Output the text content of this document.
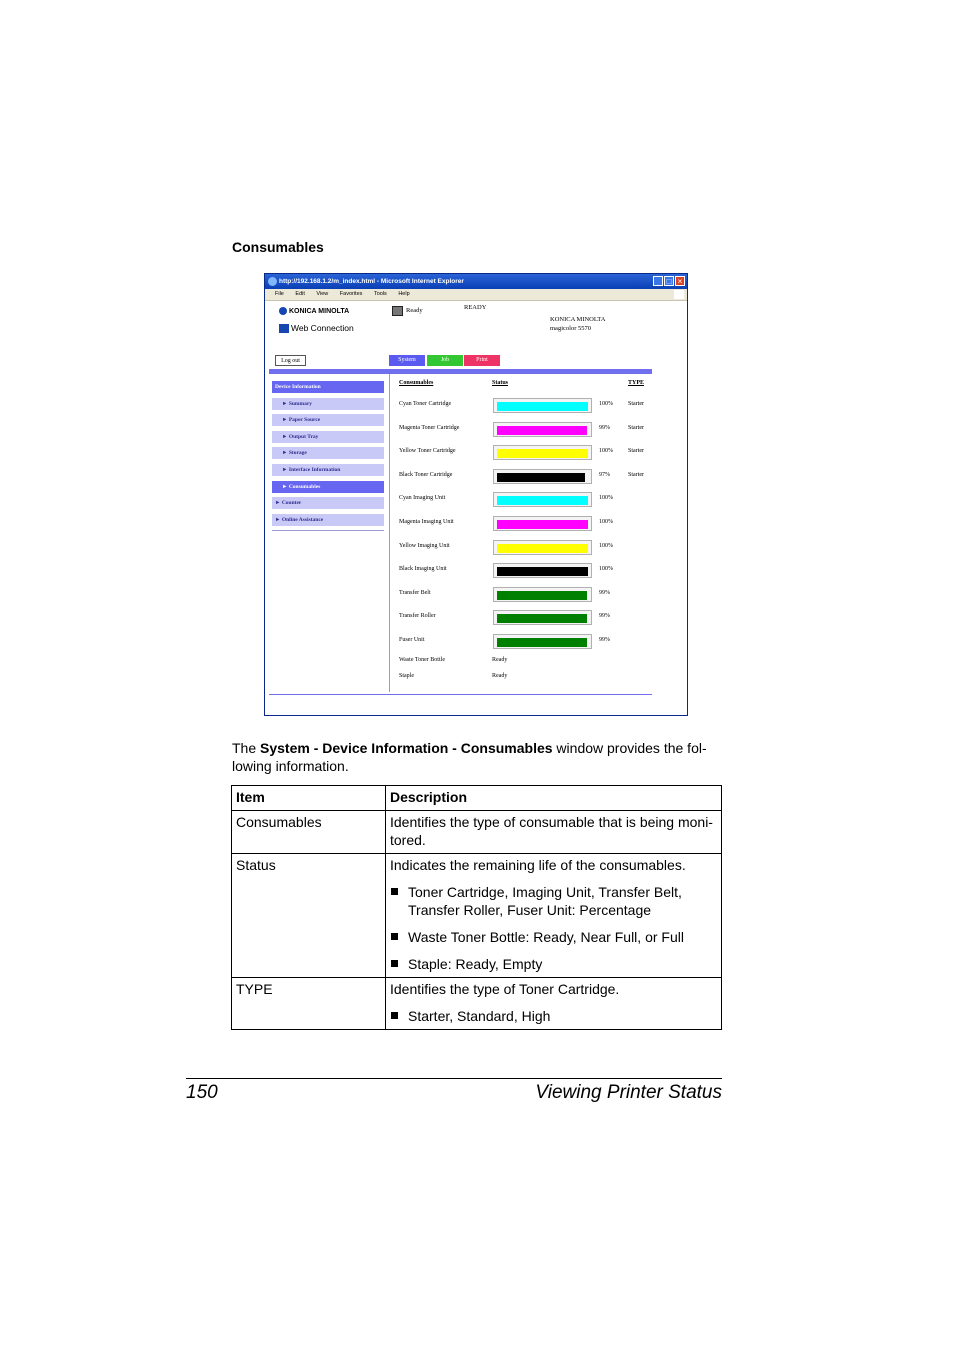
Consumables
http://192.168.1.2/m_index.html - Microsoft Internet Explorer	_ □ ×
File Edit View Favorites Tools Help
KONICA MINOLTA
Web Connection
Ready	READY
KONICA MINOLTA
magicolor 5570
Log out	System	Job	Print
Consumables	Status	TYPE
Device Information
► Summary
► Paper Source
► Output Tray
► Storage
► Interface Information
► Consumables
► Counter
► Online Assistance
Cyan Toner Cartridge	100%	Starter
Magenta Toner Cartridge	99%	Starter
Yellow Toner Cartridge	100%	Starter
Black Toner Cartridge	97%	Starter
Cyan Imaging Unit	100%
Magenta Imaging Unit	100%
Yellow Imaging Unit	100%
Black Imaging Unit	100%
Transfer Belt	99%
Transfer Roller	99%
Fuser Unit	99%
Waste Toner Bottle	Ready
Staple	Ready
The System - Device Information - Consumables window provides the fol-lowing information.
Item	Description
Consumables	Identifies the type of consumable that is being moni-tored.

Status	Indicates the remaining life of the consumables.
Toner Cartridge, Imaging Unit, Transfer Belt, Transfer Roller, Fuser Unit: Percentage
Waste Toner Bottle: Ready, Near Full, or Full
Staple: Ready, Empty

TYPE	Identifies the type of Toner Cartridge.
Starter, Standard, High
150	Viewing Printer Status
